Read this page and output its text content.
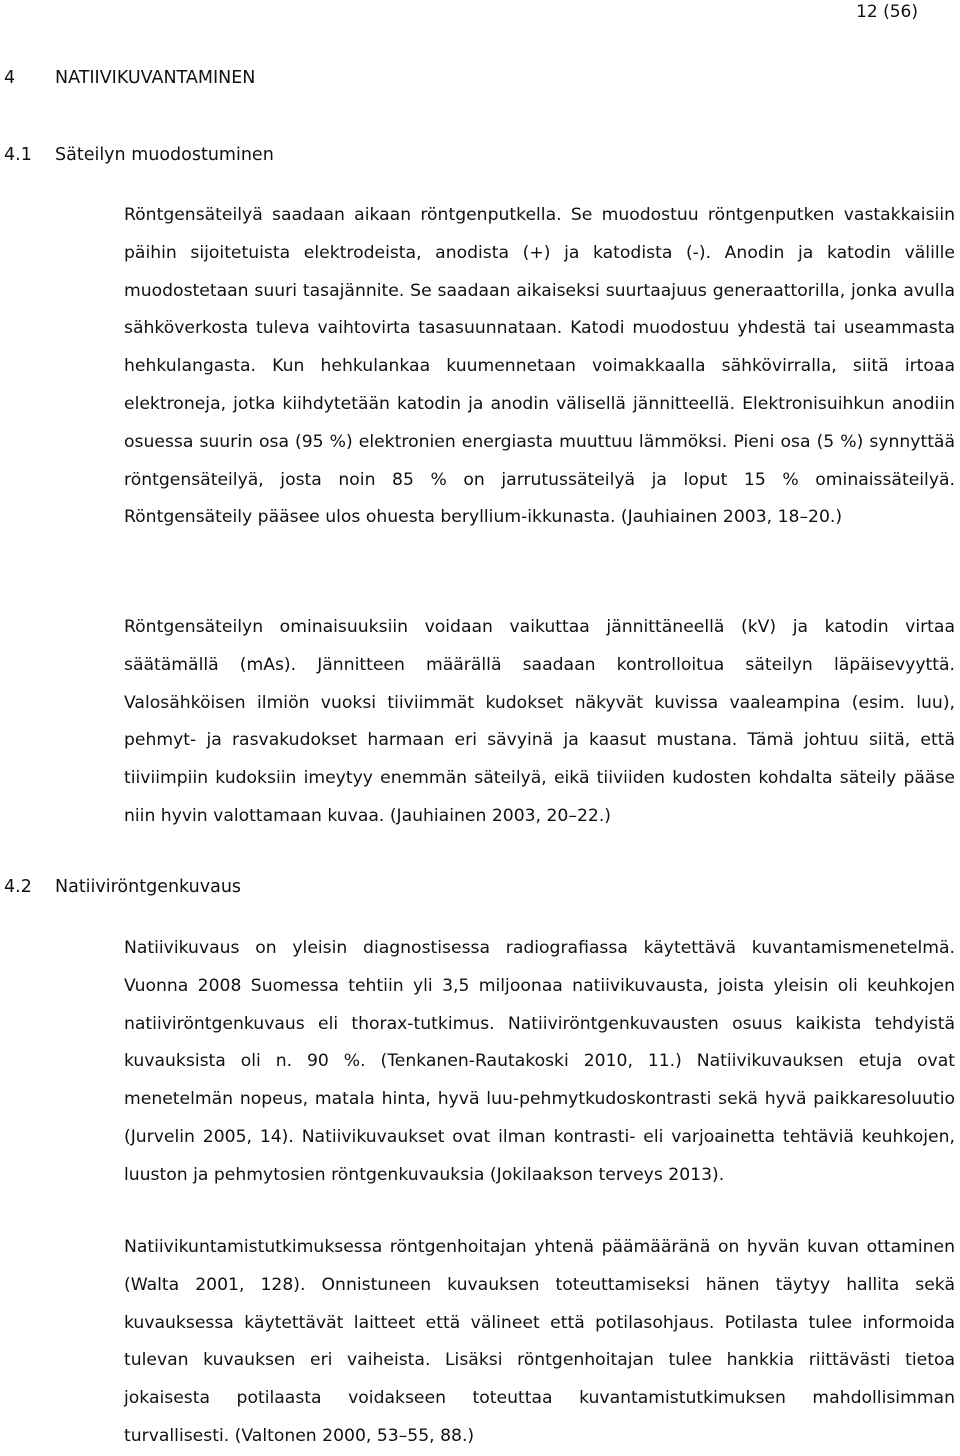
12 (56)
4 NATIIVIKUVANTAMINEN
4.1 Säteilyn muodostuminen

Röntgensäteilyä saadaan aikaan röntgenputkella. Se muodostuu röntgenputken vastakkaisiin päihin sijoitetuista elektrodeista, anodista (+) ja katodista (-). Anodin ja katodin välille muodostetaan suuri tasajännite. Se saadaan aikaiseksi suurtaajuus generaattorilla, jonka avulla sähköverkosta tuleva vaihtovirta tasasuunnataan. Katodi muodostuu yhdestä tai useammasta hehkulangasta. Kun hehkulankaa kuumennetaan voimakkaalla sähkövirralla, siitä irtoaa elektroneja, jotka kiihdytetään katodin ja anodin välisellä jännitteellä. Elektronisuihkun anodiin osuessa suurin osa (95 %) elektronien energiasta muuttuu lämmöksi. Pieni osa (5 %) synnyttää röntgensäteilyä, josta noin 85 % on jarrutussäteilyä ja loput 15 % ominaissäteilyä. Röntgensäteily pääsee ulos ohuesta beryllium-ikkunasta. (Jauhiainen 2003, 18–20.)

Röntgensäteilyn ominaisuuksiin voidaan vaikuttaa jännittäneellä (kV) ja katodin virtaa säätämällä (mAs). Jännitteen määrällä saadaan kontrolloitua säteilyn läpäisevyyttä. Valosähköisen ilmiön vuoksi tiiviimmät kudokset näkyvät kuvissa vaaleampina (esim. luu), pehmyt- ja rasvakudokset harmaan eri sävyinä ja kaasut mustana. Tämä johtuu siitä, että tiiviimpiin kudoksiin imeytyy enemmän säteilyä, eikä tiiviiden kudosten kohdalta säteily pääse niin hyvin valottamaan kuvaa. (Jauhiainen 2003, 20–22.)

4.2 Natiiviröntgenkuvaus

Natiivikuvaus on yleisin diagnostisessa radiografiassa käytettävä kuvantamismenetelmä. Vuonna 2008 Suomessa tehtiin yli 3,5 miljoonaa natiivikuvausta, joista yleisin oli keuhkojen natiiviröntgenkuvaus eli thorax-tutkimus. Natiiviröntgenkuvausten osuus kaikista tehdyistä kuvauksista oli n. 90 %. (Tenkanen-Rautakoski 2010, 11.) Natiivikuvauksen etuja ovat menetelmän nopeus, matala hinta, hyvä luu-pehmytkudoskontrasti sekä hyvä paikkaresoluutio (Jurvelin 2005, 14). Natiivikuvaukset ovat ilman kontrasti- eli varjoainetta tehtäviä keuhkojen, luuston ja pehmytosien röntgenkuvauksia (Jokilaakson terveys 2013).

Natiivikuntamistutkimuksessa röntgenhoitajan yhtenä päämääränä on hyvän kuvan ottaminen (Walta 2001, 128). Onnistuneen kuvauksen toteuttamiseksi hänen täytyy hallita sekä kuvauksessa käytettävät laitteet että välineet että potilasohjaus. Potilasta tulee informoida tulevan kuvauksen eri vaiheista. Lisäksi röntgenhoitajan tulee hankkia riittävästi tietoa jokaisesta potilaasta voidakseen toteuttaa kuvantamistutkimuksen mahdollisimman turvallisesti. (Valtonen 2000, 53–55, 88.)
